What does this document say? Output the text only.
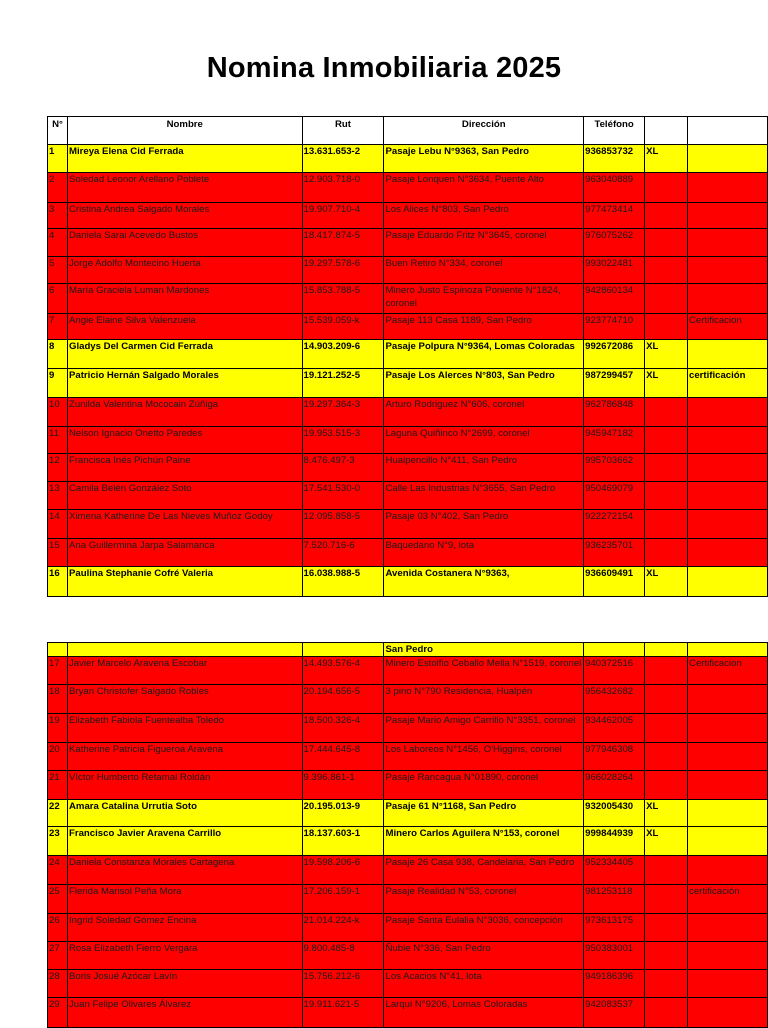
Nomina Inmobiliaria 2025
N°	Nombre	Rut	Dirección	Teléfono		
1	Mireya Elena Cid Ferrada	13.631.653-2	Pasaje Lebu N°9363, San Pedro	936853732	XL	
2	Soledad Leonor Arellano Poblete	12.903.718-0	Pasaje Lonquen N°3634, Puente Alto	963040889		
3	Cristina Andrea Salgado Morales	19.907.710-4	Los Alices N°803, San Pedro	977473414		
4	Daniela Sarai Acevedo Bustos	18.417.874-5	Pasaje Eduardo Fritz N°3645, coronel	976075262		
5	Jorge Adolfo Montecino Huerta	19.297.578-6	Buen Retiro N°334, coronel	993022481		
6	María Graciela Luman Mardones	15.853.788-5	Minero Justo Espinoza Poniente N°1824, coronel	942860134		
7	Angie Elaine Silva Valenzuela	15.539.059-k	Pasaje 113 Casa 1189, San Pedro	923774710		Certificacion
8	Gladys Del Carmen Cid Ferrada	14.903.209-6	Pasaje Polpura N°9364, Lomas Coloradas	992672086	XL	
9	Patricio Hernán Salgado Morales	19.121.252-5	Pasaje Los Alerces N°803, San Pedro	987299457	XL	certificación
10	Zunilda Valentina Mococain Zúñiga	19.297.364-3	Arturo Rodriguez N°606, coronel	962786848		
11	Nelson Ignacio Onetto Paredes	19.953.515-3	Laguna Quiñinco N°2699, coronel	945947182		
12	Francisca Inés Pichún Paine	8.476.497-3	Hualpencillo N°411, San Pedro	995703662		
13	Camila Belén González Soto	17.541.530-0	Calle Las Industrias N°3655, San Pedro	950469079		
14	Ximena Katherine De Las Nieves Muñoz Godoy	12.095.858-5	Pasaje 03 N°402, San Pedro	922272154		
15	Ana Guillermina Jarpa Salamanca	7.520.716-6	Baquedano N°9, lota	936235701		
16	Paulina Stephanie Cofré Valeria	16.038.988-5	Avenida Costanera N°9363,	936609491	XL	
			San Pedro			
17	Javier Marcelo Aravena Escobar	14.493.576-4	Minero Estolfio Ceballo Mella N°1519, coronel	940372516		Certificacion
18	Bryan Christofer Salgado Robles	20.194.656-5	3 pino N°790 Residencia, Hualpén	956432682		
19	Elizabeth Fabiola Fuentealba Toledo	18.500.326-4	Pasaje Mario Amigo Carrillo N°3351, coronel	934462005		
20	Katherine Patricia Figueroa Aravena	17.444.645-8	Los Laboreos N°1456, O'Higgins, coronel	977946308		
21	Víctor Humberto Retamal Roldán	9.396.861-1	Pasaje Rancagua N°01890, coronel	966028264		
22	Amara Catalina Urrutia Soto	20.195.013-9	Pasaje 61 N°1168, San Pedro	932005430	XL	
23	Francisco Javier Aravena Carrillo	18.137.603-1	Minero Carlos Aguilera N°153, coronel	999844939	XL	
24	Daniela Constanza Morales Cartagena	19.598.206-6	Pasaje 26 Casa 938, Candelaria, San Pedro	952334405		
25	Flerida Marisol Peña Mora	17.206.159-1	Pasaje Realidad N°53, coronel	981253118		certificación
26	Ingrid Soledad Gómez Encina	21.014.224-k	Pasaje Santa Eulalia N°3036, concepción	973613175		
27	Rosa Elizabeth Fierro Vergara	9.800.485-8	Ñuble N°336, San Pedro	950383001		
28	Boris Josué Azócar Lavín	15.756.212-6	Los Acacios N°41, lota	949186396		
29	Juan Felipe Olivares Álvarez	19.911.621-5	Larqui N°9206, Lomas Coloradas	942083537		
